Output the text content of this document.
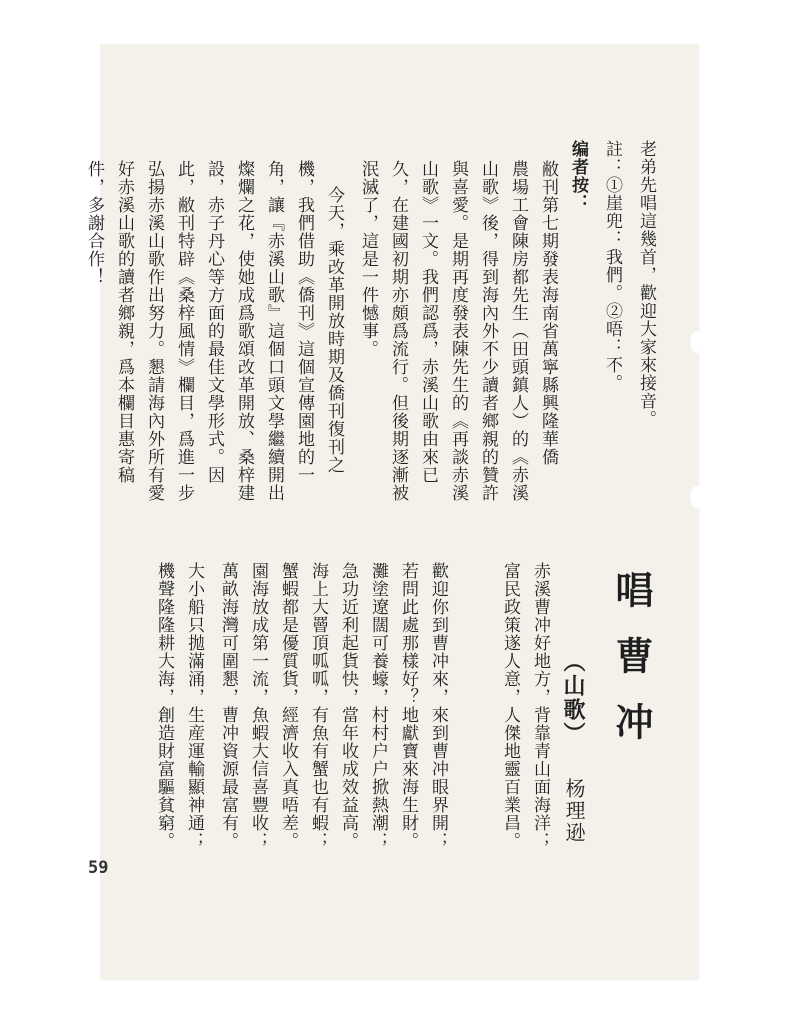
老弟先唱這幾首，歡迎大家來接音。
註：①崖兜：我們。②唔：不。
编者按：
敝刊第七期發表海南省萬寧縣興隆華僑
農場工會陳房都先生（田頭鎮人）的《赤溪
山歌》後，得到海內外不少讀者鄉親的贊許
與喜愛。是期再度發表陳先生的《再談赤溪
山歌》一文。我們認爲，赤溪山歌由來已
久，在建國初期亦頗爲流行。但後期逐漸被
泯滅了，這是一件憾事。
今天，乘改革開放時期及僑刊復刊之
機，我們借助《僑刊》這個宣傳園地的一
角，讓『赤溪山歌』這個口頭文學繼續開出
燦爛之花，使她成爲歌頌改革開放、桑梓建
設，赤子丹心等方面的最佳文學形式。因
此，敝刊特辟《桑梓風情》欄目，爲進一步
弘揚赤溪山歌作出努力。懇請海內外所有愛
好赤溪山歌的讀者鄉親，爲本欄目惠寄稿
件，多謝合作！
唱曹冲
（山歌）
杨理逊
赤溪曹冲好地方，背靠青山面海洋；
富民政策遂人意，人傑地靈百業昌。
歡迎你到曹冲來，來到曹冲眼界開；
若問此處那樣好？地獻寶來海生財。
灘塗遼闊可養蠔，村村户户掀熱潮；
急功近利起貨快，當年收成效益高。
海上大罾頂呱呱，有魚有蟹也有蝦；
蟹蝦都是優質貨，經濟收入真唔差。
園海放成第一流，魚蝦大信喜豐收；
萬畝海灣可圍懇，曹冲資源最富有。
大小船只拋滿涌，生産運輸顯神通；
機聲隆隆耕大海，創造財富驅貧窮。
59
